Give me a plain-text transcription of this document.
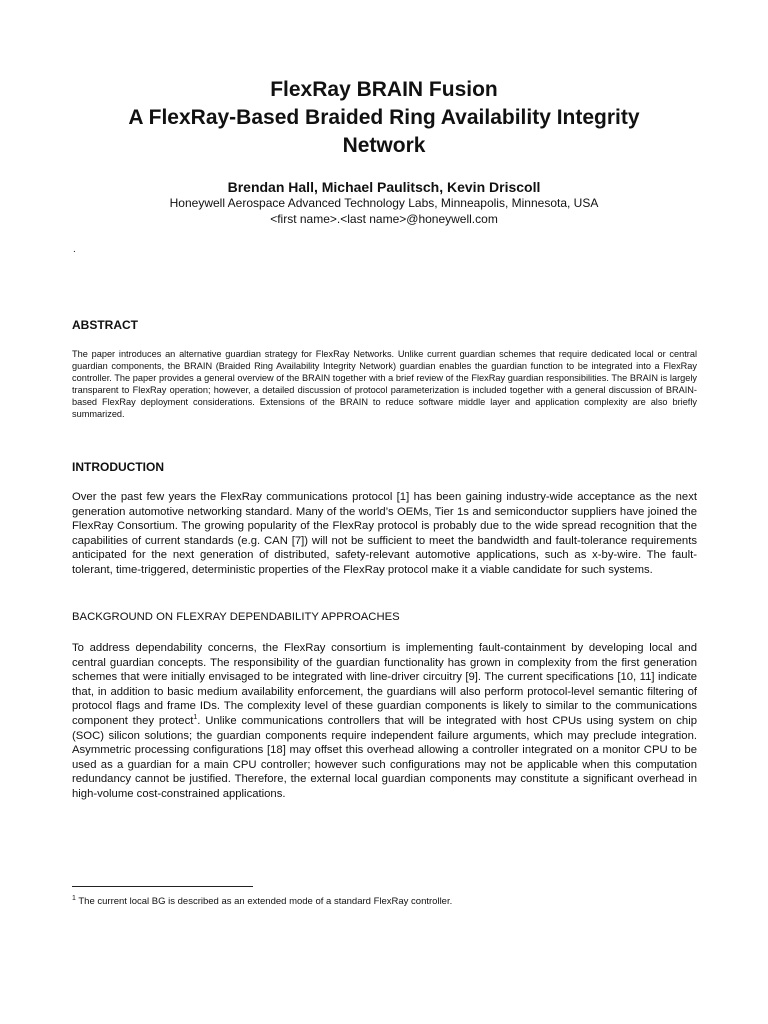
FlexRay BRAIN Fusion
A FlexRay-Based Braided Ring Availability Integrity
Network
Brendan Hall, Michael Paulitsch, Kevin Driscoll
Honeywell Aerospace Advanced Technology Labs, Minneapolis, Minnesota, USA
<first name>.<last name>@honeywell.com
.
ABSTRACT

The paper introduces an alternative guardian strategy for FlexRay Networks. Unlike current guardian schemes that require dedicated local or central guardian components, the BRAIN (Braided Ring Availability Integrity Network) guardian enables the guardian function to be integrated into a FlexRay controller. The paper provides a general overview of the BRAIN together with a brief review of the FlexRay guardian responsibilities. The BRAIN is largely transparent to FlexRay operation; however, a detailed discussion of protocol parameterization is included together with a general discussion of BRAIN-based FlexRay deployment considerations. Extensions of the BRAIN to reduce software middle layer and application complexity are also briefly summarized.

INTRODUCTION

Over the past few years the FlexRay communications protocol [1] has been gaining industry-wide acceptance as the next generation automotive networking standard. Many of the world’s OEMs, Tier 1s and semiconductor suppliers have joined the FlexRay Consortium. The growing popularity of the FlexRay protocol is probably due to the wide spread recognition that the capabilities of current standards (e.g. CAN [7]) will not be sufficient to meet the bandwidth and fault-tolerance requirements anticipated for the next generation of distributed, safety-relevant automotive applications, such as x-by-wire. The fault-tolerant, time-triggered, deterministic properties of the FlexRay protocol make it a viable candidate for such systems.

BACKGROUND ON FLEXRAY DEPENDABILITY APPROACHES

To address dependability concerns, the FlexRay consortium is implementing fault-containment by developing local and central guardian concepts. The responsibility of the guardian functionality has grown in complexity from the first generation schemes that were initially envisaged to be integrated with line-driver circuitry [9]. The current specifications [10, 11] indicate that, in addition to basic medium availability enforcement, the guardians will also perform protocol-level semantic filtering of protocol flags and frame IDs. The complexity level of these guardian components is likely to similar to the communications component they protect$^1$. Unlike communications controllers that will be integrated with host CPUs using system on chip (SOC) silicon solutions; the guardian components require independent failure arguments, which may preclude integration. Asymmetric processing configurations [18] may offset this overhead allowing a controller integrated on a monitor CPU to be used as a guardian for a main CPU controller; however such configurations may not be applicable when this computation redundancy cannot be justified. Therefore, the external local guardian components may constitute a significant overhead in high-volume cost-constrained applications.

$^1$ The current local BG is described as an extended mode of a standard FlexRay controller.
